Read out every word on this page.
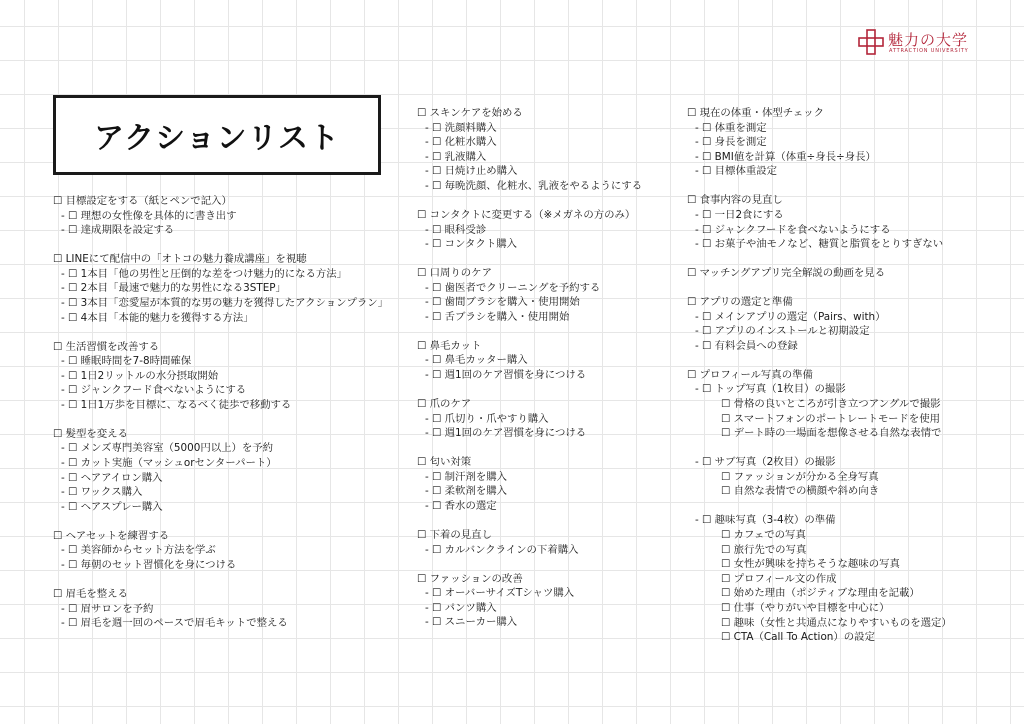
魅力の大学
ATTRACTION UNIVERSITY
アクションリスト
☐ 目標設定をする（紙とペンで記入）
- ☐ 理想の女性像を具体的に書き出す
- ☐ 達成期限を設定する
☐ LINEにて配信中の「オトコの魅力養成講座」を視聴
- ☐ 1本目「他の男性と圧倒的な差をつけ魅力的になる方法」
- ☐ 2本目「最速で魅力的な男性になる3STEP」
- ☐ 3本目「恋愛屋が本質的な男の魅力を獲得したアクションプラン」
- ☐ 4本目「本能的魅力を獲得する方法」
☐ 生活習慣を改善する
- ☐ 睡眠時間を7-8時間確保
- ☐ 1日2リットルの水分摂取開始
- ☐ ジャンクフード食べないようにする
- ☐ 1日1万歩を目標に、なるべく徒歩で移動する
☐ 髪型を変える
- ☐ メンズ専門美容室（5000円以上）を予約
- ☐ カット実施（マッシュorセンターパート）
- ☐ ヘアアイロン購入
- ☐ ワックス購入
- ☐ ヘアスプレー購入
☐ ヘアセットを練習する
- ☐ 美容師からセット方法を学ぶ
- ☐ 毎朝のセット習慣化を身につける
☐ 眉毛を整える
- ☐ 眉サロンを予約
- ☐ 眉毛を週一回のペースで眉毛キットで整える
☐ スキンケアを始める
- ☐ 洗顔料購入
- ☐ 化粧水購入
- ☐ 乳液購入
- ☐ 日焼け止め購入
- ☐ 毎晩洗顔、化粧水、乳液をやるようにする
☐ コンタクトに変更する（※メガネの方のみ）
- ☐ 眼科受診
- ☐ コンタクト購入
☐ 口周りのケア
- ☐ 歯医者でクリーニングを予約する
- ☐ 歯間ブラシを購入・使用開始
- ☐ 舌ブラシを購入・使用開始
☐ 鼻毛カット
- ☐ 鼻毛カッター購入
- ☐ 週1回のケア習慣を身につける
☐ 爪のケア
- ☐ 爪切り・爪やすり購入
- ☐ 週1回のケア習慣を身につける
☐ 匂い対策
- ☐ 制汗剤を購入
- ☐ 柔軟剤を購入
- ☐ 香水の選定
☐ 下着の見直し
- ☐ カルバンクラインの下着購入
☐ ファッションの改善
- ☐ オーバーサイズTシャツ購入
- ☐ パンツ購入
- ☐ スニーカー購入
☐ 現在の体重・体型チェック
- ☐ 体重を測定
- ☐ 身長を測定
- ☐ BMI値を計算（体重÷身長÷身長）
- ☐ 目標体重設定
☐ 食事内容の見直し
- ☐ 一日2食にする
- ☐ ジャンクフードを食べないようにする
- ☐ お菓子や油モノなど、糖質と脂質をとりすぎない
☐ マッチングアプリ完全解説の動画を見る
☐ アプリの選定と準備
- ☐ メインアプリの選定（Pairs、with）
- ☐ アプリのインストールと初期設定
- ☐ 有料会員への登録
☐ プロフィール写真の準備
- ☐ トップ写真（1枚目）の撮影
☐ 骨格の良いところが引き立つアングルで撮影
☐ スマートフォンのポートレートモードを使用
☐ デート時の一場面を想像させる自然な表情で
- ☐ サブ写真（2枚目）の撮影
☐ ファッションが分かる全身写真
☐ 自然な表情での横顔や斜め向き
- ☐ 趣味写真（3-4枚）の準備
☐ カフェでの写真
☐ 旅行先での写真
☐ 女性が興味を持ちそうな趣味の写真
☐ プロフィール文の作成
☐ 始めた理由（ポジティブな理由を記載）
☐ 仕事（やりがいや目標を中心に）
☐ 趣味（女性と共通点になりやすいものを選定）
☐ CTA（Call To Action）の設定
